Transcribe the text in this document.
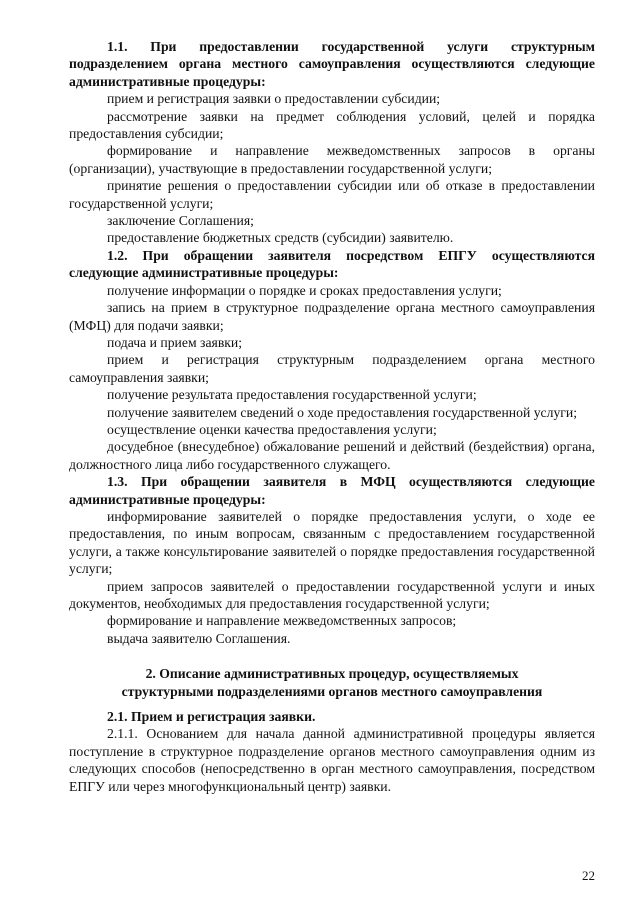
1.1. При предоставлении государственной услуги структурным подразделением органа местного самоуправления осуществляются следующие административные процедуры:

прием и регистрация заявки о предоставлении субсидии;

рассмотрение заявки на предмет соблюдения условий, целей и порядка предоставления субсидии;

формирование и направление межведомственных запросов в органы (организации), участвующие в предоставлении государственной услуги;

принятие решения о предоставлении субсидии или об отказе в предоставлении государственной услуги;

заключение Соглашения;

предоставление бюджетных средств (субсидии) заявителю.

1.2. При обращении заявителя посредством ЕПГУ осуществляются следующие административные процедуры:

получение информации о порядке и сроках предоставления услуги;

запись на прием в структурное подразделение органа местного самоуправления (МФЦ) для подачи заявки;

подача и прием заявки;

прием и регистрация структурным подразделением органа местного самоуправления заявки;

получение результата предоставления государственной услуги;

получение заявителем сведений о ходе предоставления государственной услуги;

осуществление оценки качества предоставления услуги;

досудебное (внесудебное) обжалование решений и действий (бездействия) органа, должностного лица либо государственного служащего.

1.3. При обращении заявителя в МФЦ осуществляются следующие административные процедуры:

информирование заявителей о порядке предоставления услуги, о ходе ее предоставления, по иным вопросам, связанным с предоставлением государственной услуги, а также консультирование заявителей о порядке предоставления государственной услуги;

прием запросов заявителей о предоставлении государственной услуги и иных документов, необходимых для предоставления государственной услуги;

формирование и направление межведомственных запросов;

выдача заявителю Соглашения.

2. Описание административных процедур, осуществляемых

структурными подразделениями органов местного самоуправления

2.1. Прием и регистрация заявки.

2.1.1. Основанием для начала данной административной процедуры является поступление в структурное подразделение органов местного самоуправления одним из следующих способов (непосредственно в орган местного самоуправления, посредством ЕПГУ или через многофункциональный центр) заявки.

22
